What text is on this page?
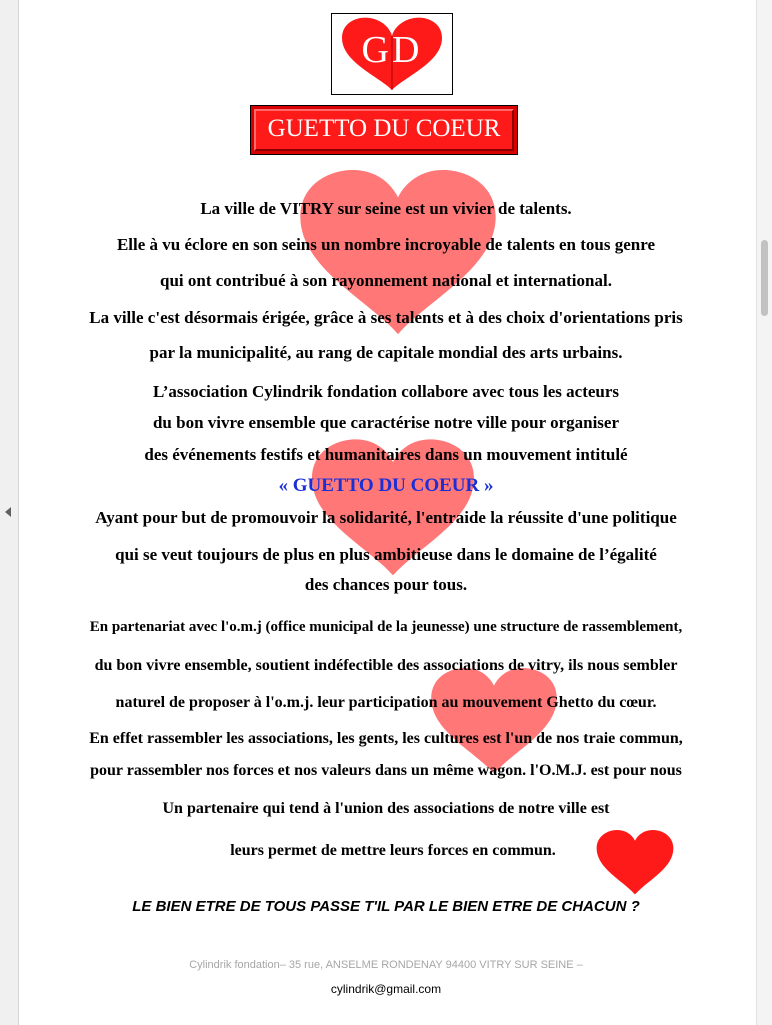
GD
GUETTO DU COEUR
La ville de VITRY sur seine est un vivier de talents.
Elle à vu éclore en son seins un nombre incroyable de talents en tous genre
qui ont contribué à son rayonnement national et international.
La ville c'est désormais érigée, grâce à ses talents et à des choix d'orientations pris
par la municipalité, au rang de capitale mondial des arts urbains.
L’association Cylindrik fondation collabore avec tous les acteurs
du bon vivre ensemble que caractérise notre ville pour organiser
des événements festifs et humanitaires dans un mouvement intitulé
« GUETTO DU COEUR »
Ayant pour but de promouvoir la solidarité, l'entraide la réussite d'une politique
qui se veut toujours de plus en plus ambitieuse dans le domaine de l’égalité
des chances pour tous.
En partenariat avec l'o.m.j (office municipal de la jeunesse) une structure de rassemblement,
du bon vivre ensemble, soutient indéfectible des associations de vitry, ils nous sembler
naturel de proposer à l'o.m.j. leur participation au mouvement Ghetto du cœur.
En effet rassembler les associations, les gents, les cultures est l'un de nos traie commun,
pour rassembler nos forces et nos valeurs dans un même wagon. l'O.M.J. est pour nous
Un partenaire qui tend à l'union des associations de notre ville est
leurs permet de mettre leurs forces en commun.
LE BIEN ETRE DE TOUS PASSE T'IL PAR LE BIEN ETRE DE CHACUN ?
Cylindrik fondation– 35 rue, ANSELME RONDENAY 94400 VITRY SUR SEINE –
cylindrik@gmail.com
